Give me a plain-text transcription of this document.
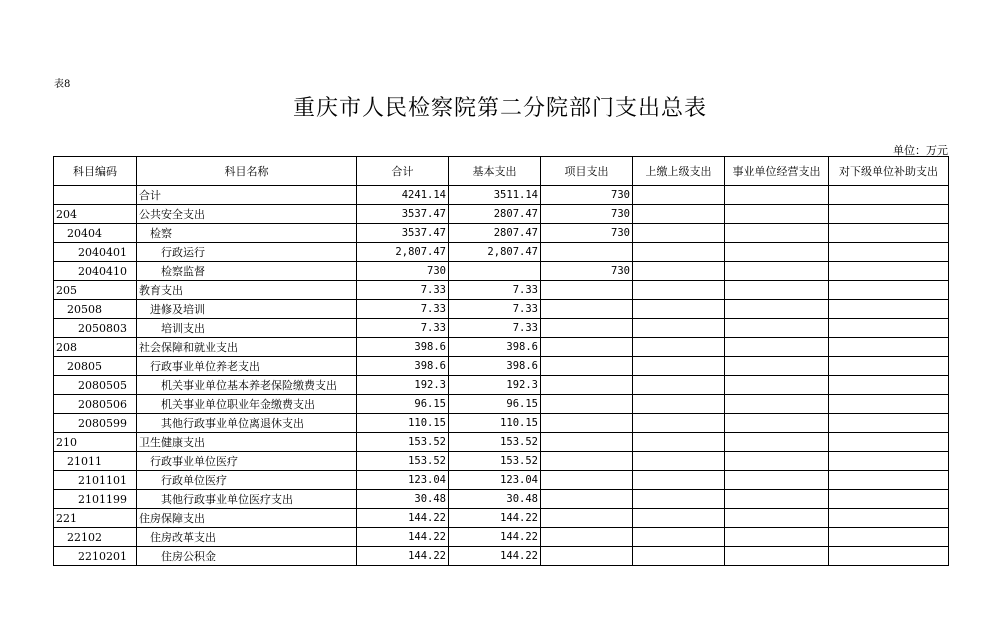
表8
重庆市人民检察院第二分院部门支出总表
单位：万元
科目编码	科目名称	合计	基本支出	项目支出	上缴上级支出	事业单位经营支出	对下级单位补助支出
	合计	4241.14	3511.14	730			
204	公共安全支出	3537.47	2807.47	730			
20404	检察	3537.47	2807.47	730			
2040401	行政运行	2,807.47	2,807.47				
2040410	检察监督	730		730			
205	教育支出	7.33	7.33				
20508	进修及培训	7.33	7.33				
2050803	培训支出	7.33	7.33				
208	社会保障和就业支出	398.6	398.6				
20805	行政事业单位养老支出	398.6	398.6				
2080505	机关事业单位基本养老保险缴费支出	192.3	192.3				
2080506	机关事业单位职业年金缴费支出	96.15	96.15				
2080599	其他行政事业单位离退休支出	110.15	110.15				
210	卫生健康支出	153.52	153.52				
21011	行政事业单位医疗	153.52	153.52				
2101101	行政单位医疗	123.04	123.04				
2101199	其他行政事业单位医疗支出	30.48	30.48				
221	住房保障支出	144.22	144.22				
22102	住房改革支出	144.22	144.22				
2210201	住房公积金	144.22	144.22				
